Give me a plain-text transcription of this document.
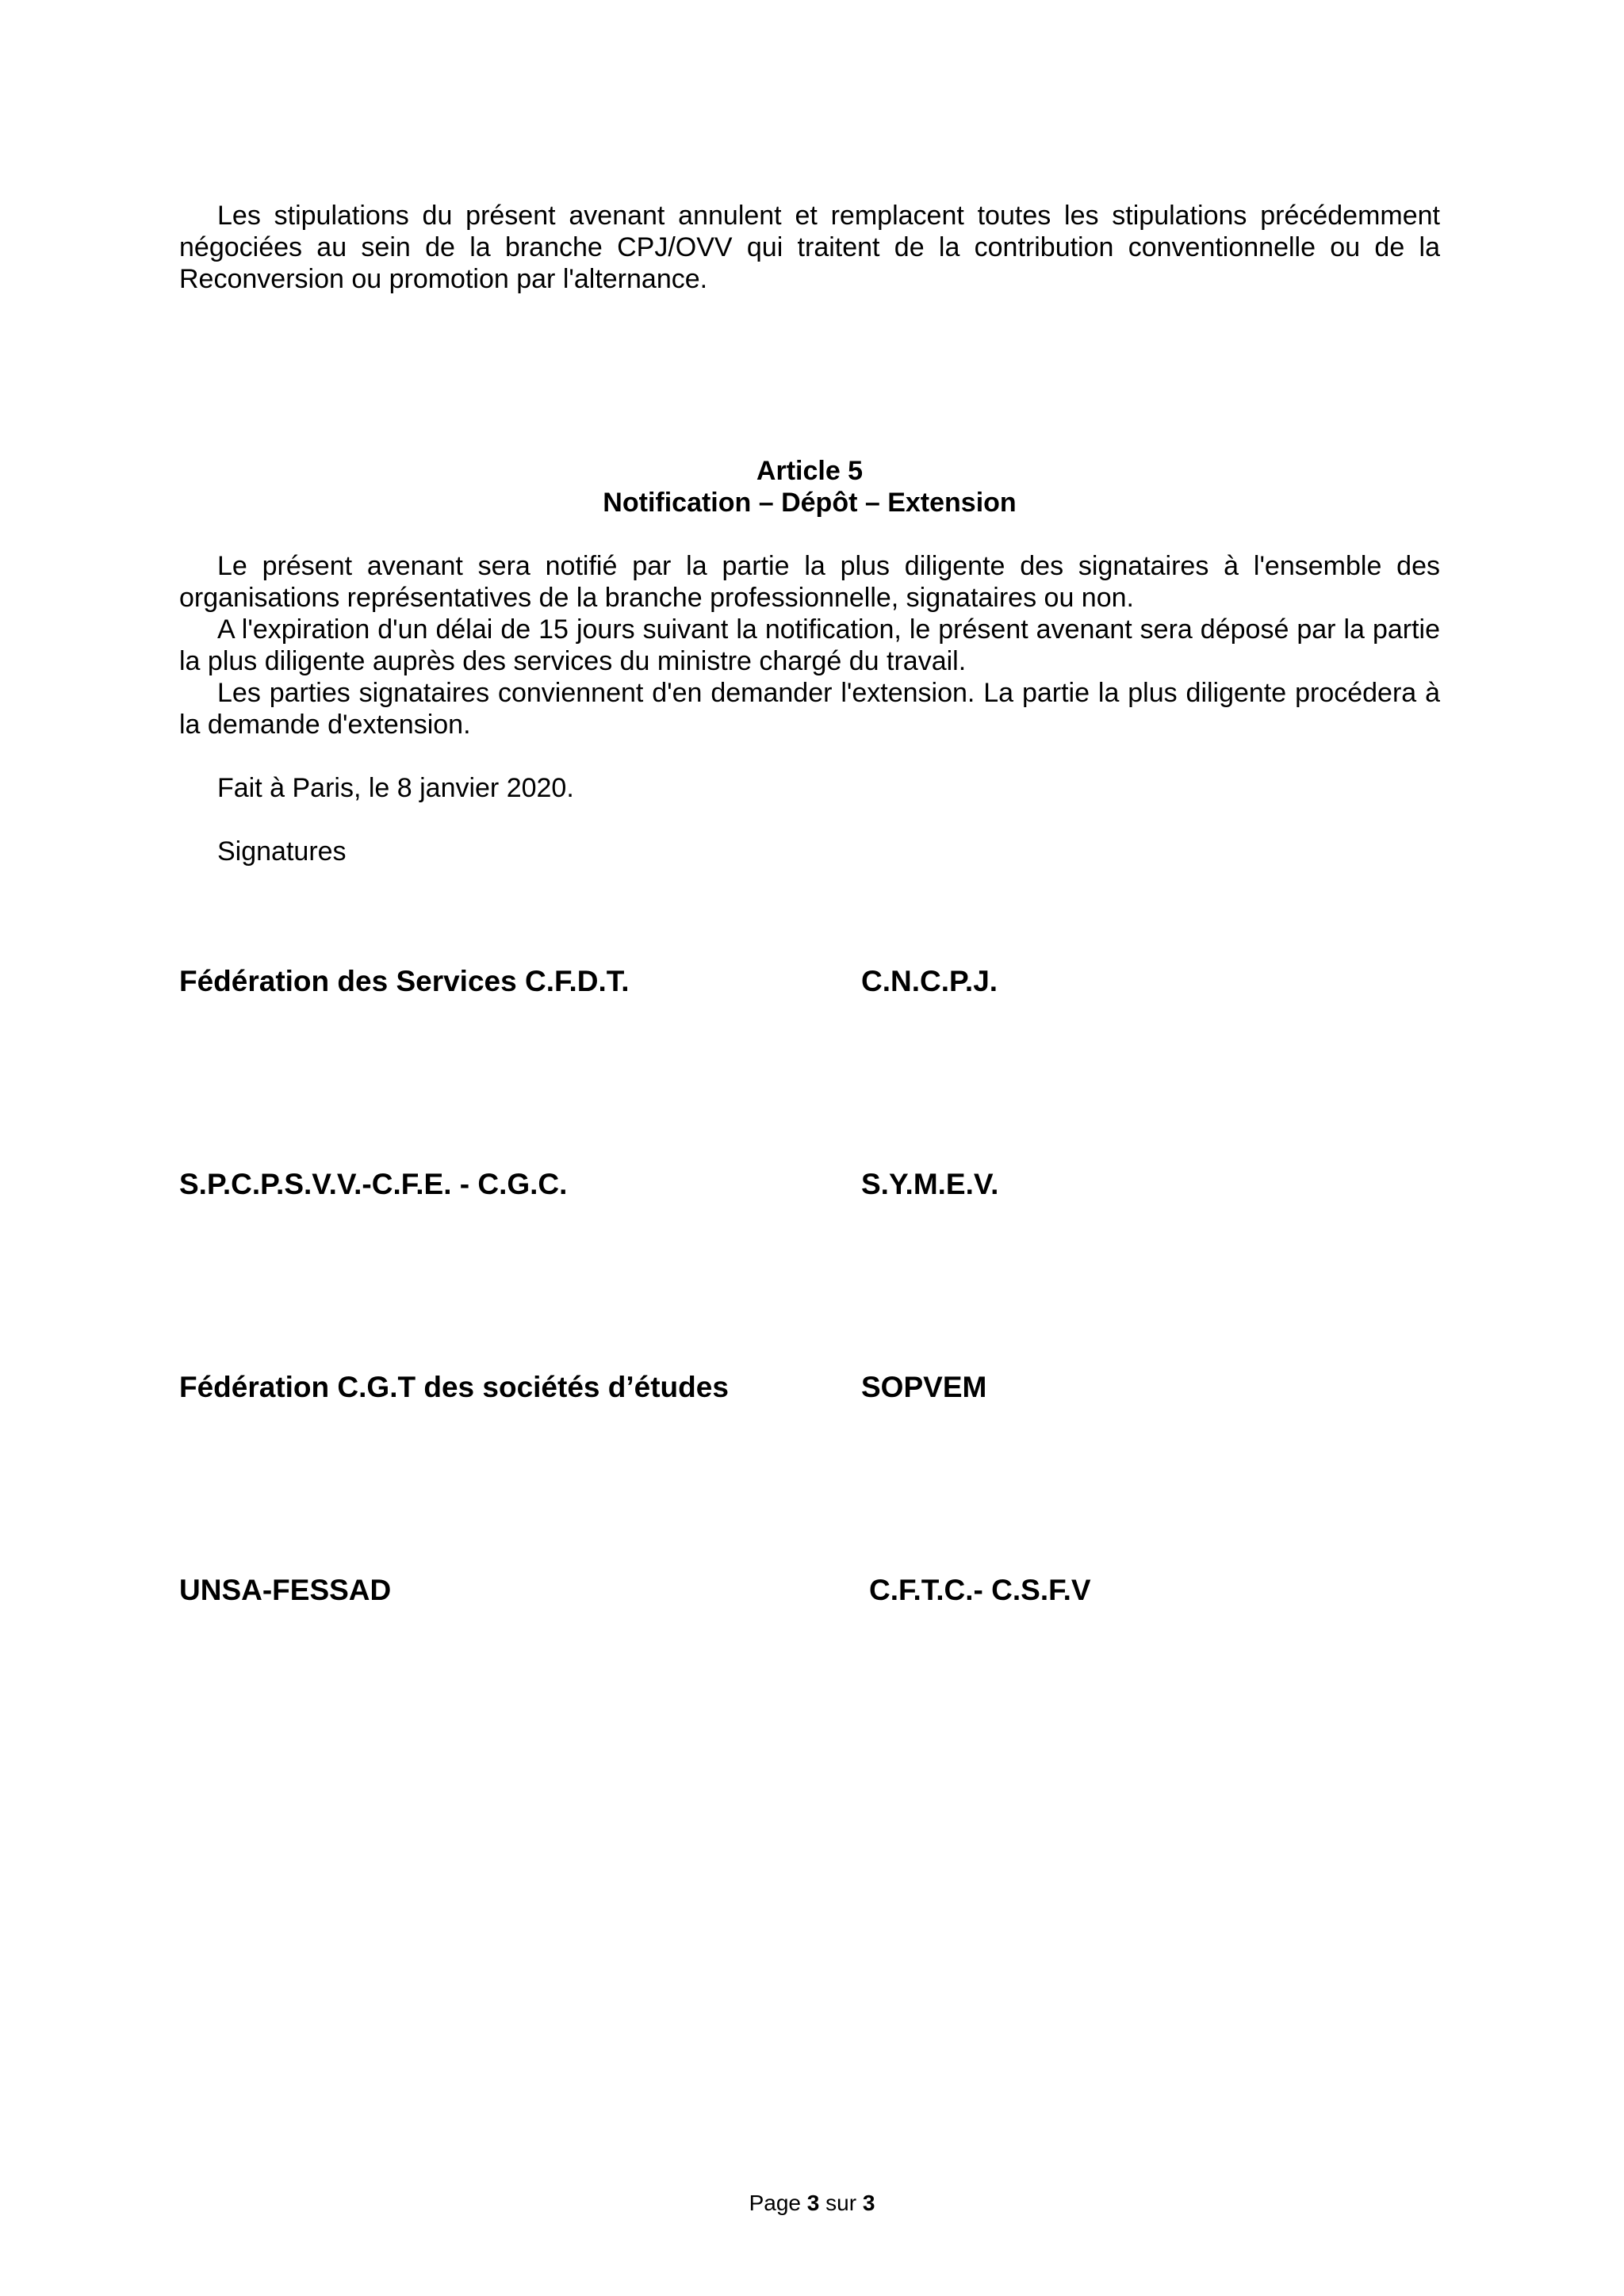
Les stipulations du présent avenant annulent et remplacent toutes les stipulations précédemment négociées au sein de la branche CPJ/OVV qui traitent de la contribution conventionnelle ou de la Reconversion ou promotion par l'alternance.

Article 5

Notification – Dépôt – Extension

Le présent avenant sera notifié par la partie la plus diligente des signataires à l'ensemble des organisations représentatives de la branche professionnelle, signataires ou non.

A l'expiration d'un délai de 15 jours suivant la notification, le présent avenant sera déposé par la partie la plus diligente auprès des services du ministre chargé du travail.

Les parties signataires conviennent d'en demander l'extension. La partie la plus diligente procédera à la demande d'extension.

Fait à Paris, le 8 janvier 2020.

Signatures

Fédération des Services C.F.D.T.	C.N.C.P.J.

S.P.C.P.S.V.V.-C.F.E. - C.G.C.	S.Y.M.E.V.

Fédération C.G.T des sociétés d’études	SOPVEM

UNSA-FESSAD	C.F.T.C.- C.S.F.V

Page 3 sur 3
